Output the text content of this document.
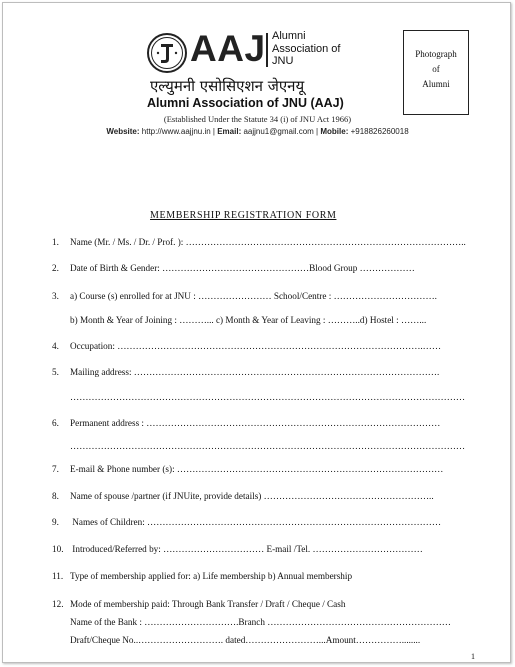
AAJ Alumni
Association of
JNU
एल्युमनी एसोसिएशन जेएनयू
Alumni Association of JNU (AAJ)
(Established Under the Statute 34 (i) of JNU Act 1966)
Website: http://www.aajjnu.in | Email: aajjnu1@gmail.com | Mobile: +918826260018
Photograph
of
Alumni
MEMBERSHIP REGISTRATION FORM
1. Name (Mr. / Ms. / Dr. / Prof. ): ………………………………………………………………………………..
2. Date of Birth & Gender: …………………………………………Blood Group ………………
3. a) Course (s) enrolled for at JNU : …………………… School/Centre : …………………………….
b) Month & Year of Joining : ………... c) Month & Year of Leaving : ………..d) Hostel : ……...
4. Occupation: ……………………………………………………………………………………….……
5. Mailing address: ……………………………………………………………………………………….
…………………………………………………………………………………………………………………
6. Permanent address : ……………………………………………………………………………………
…………………………………………………………………………………………………………………
7. E-mail & Phone number (s): ……………………………………………………………………………
8. Name of spouse /partner (if JNUite, provide details) ………………………………………………..
9. Names of Children: ……………………………………………………………………………………
10. Introduced/Referred by: …………………………… E-mail /Tel. ………………………………
11. Type of membership applied for: a) Life membership b) Annual membership
12. Mode of membership paid: Through Bank Transfer / Draft / Cheque / Cash
Name of the Bank : ………………………….Branch ……………………………………………………
Draft/Cheque No..………………………. dated……………………...Amount……………........
1
